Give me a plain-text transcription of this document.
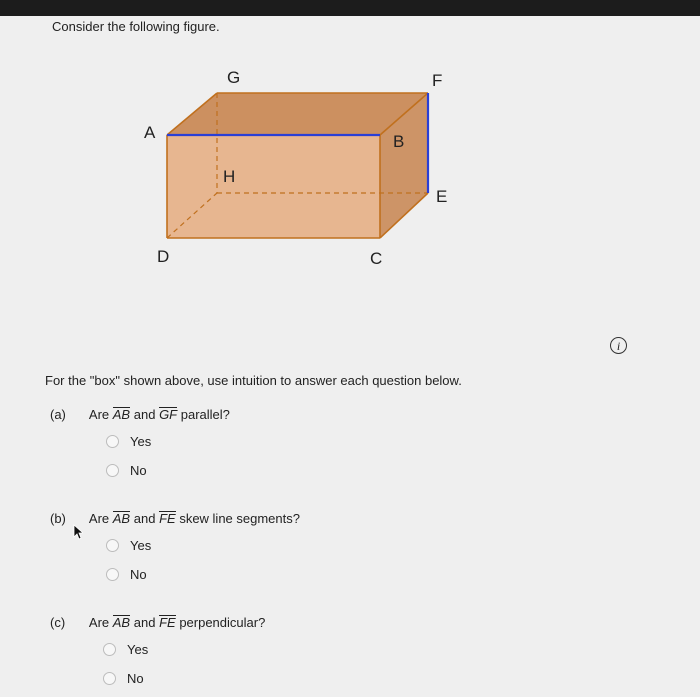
Consider the following figure.
G	F
A	B
H
E
D	C
i
For the "box" shown above, use intuition to answer each question below.
(a) Are AB and GF parallel?
Yes
No
(b) Are AB and FE skew line segments?
Yes
No
(c) Are AB and FE perpendicular?
Yes
No
